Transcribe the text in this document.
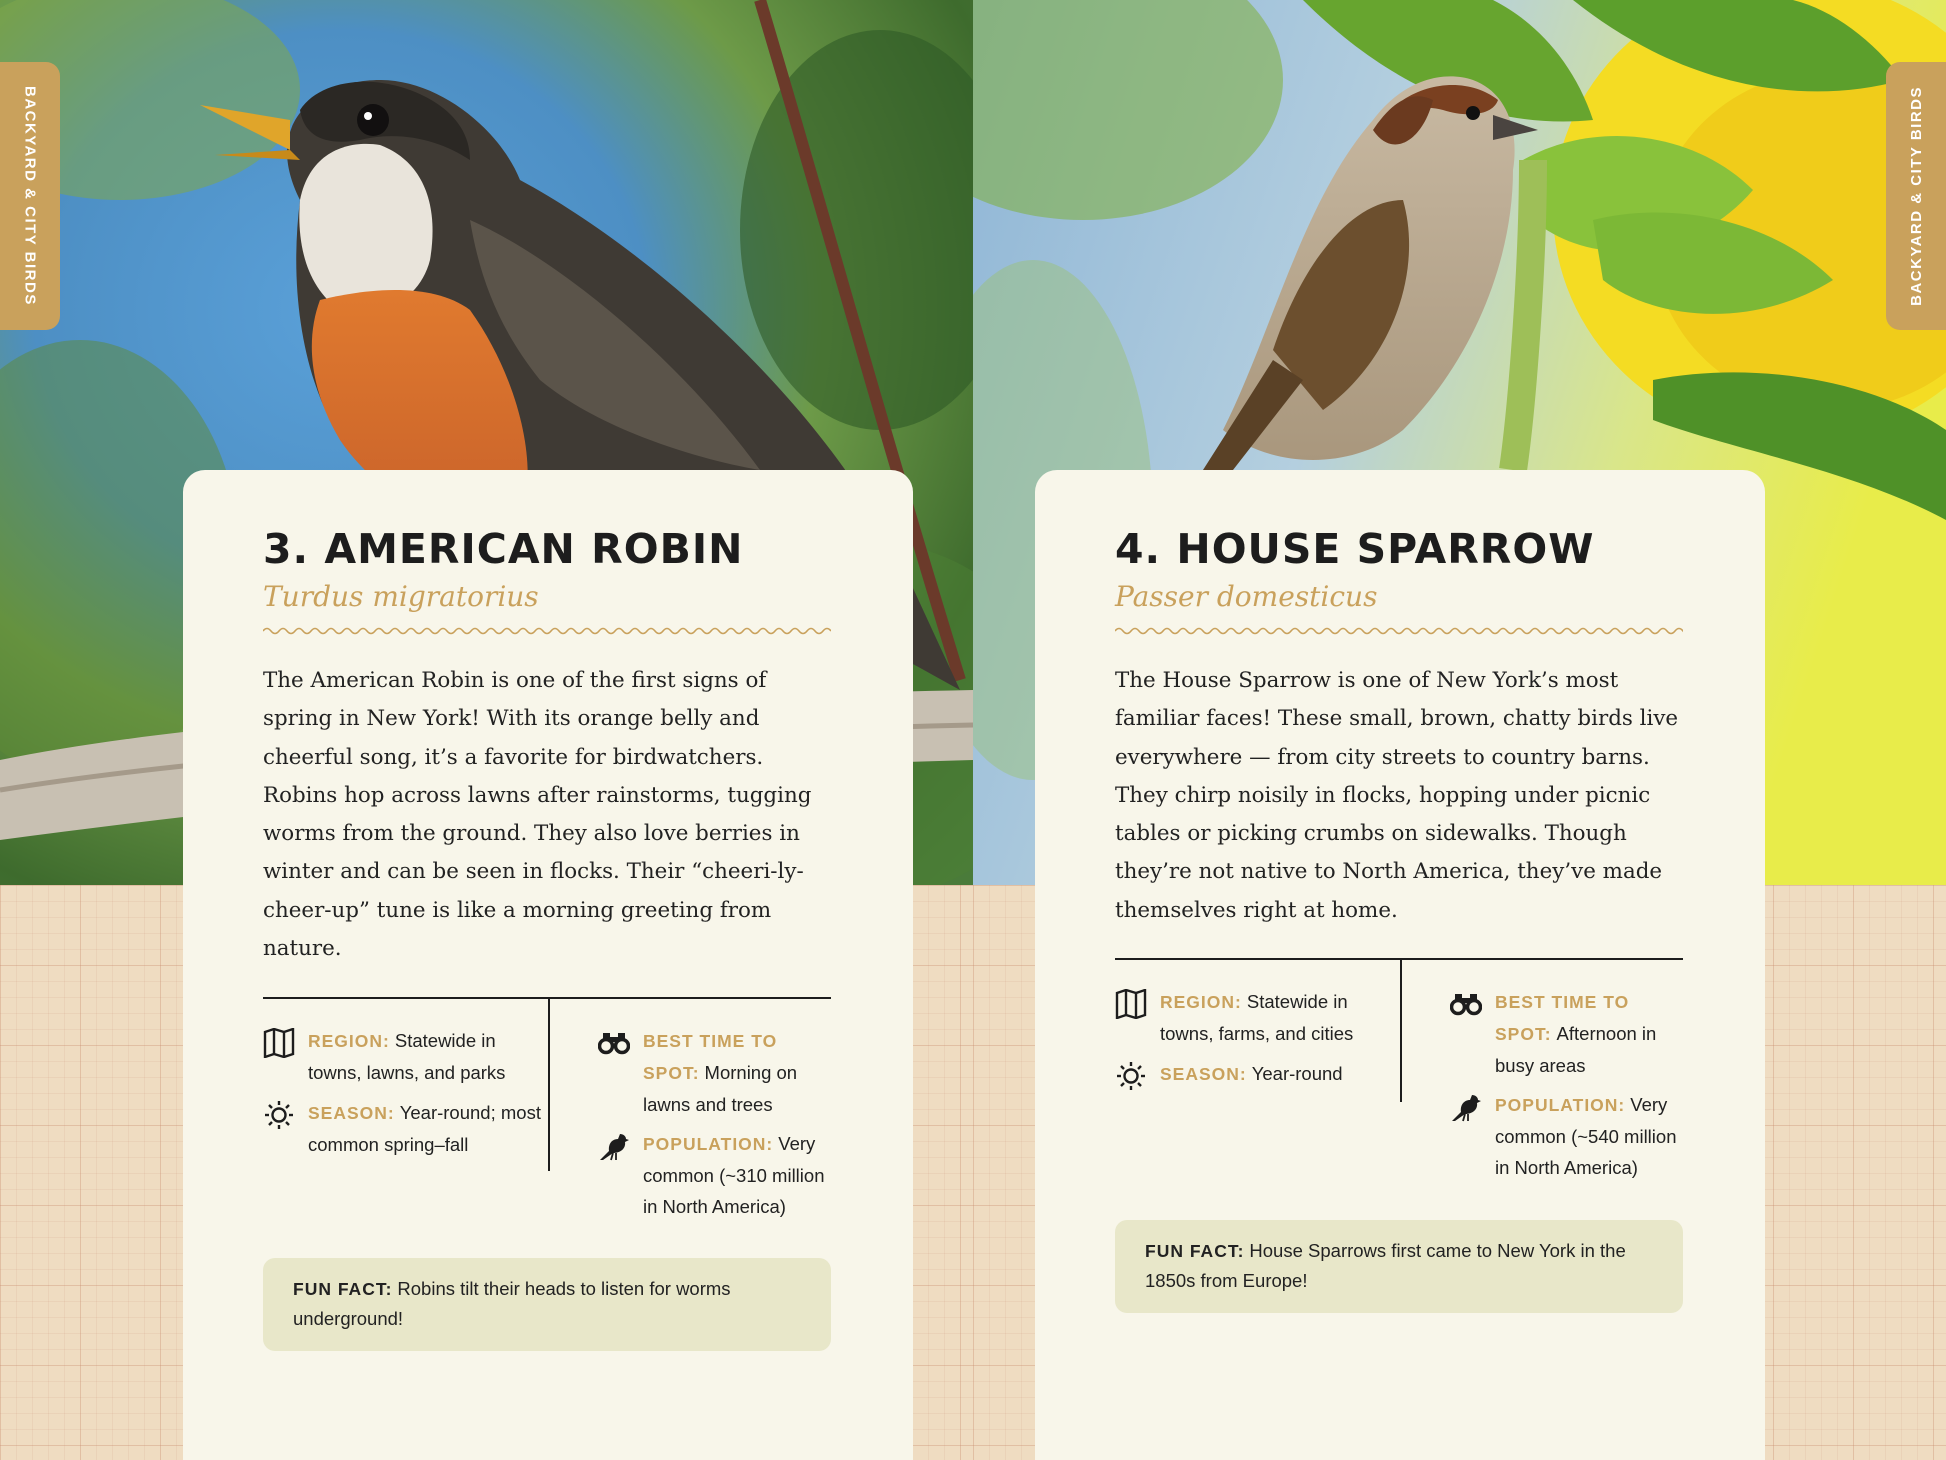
BACKYARD & CITY BIRDS
3. AMERICAN ROBIN
Turdus migratorius

The American Robin is one of the first signs of spring in New York! With its orange belly and cheerful song, it’s a favorite for birdwatchers. Robins hop across lawns after rainstorms, tugging worms from the ground. They also love berries in winter and can be seen in flocks. Their “cheeri-ly-cheer-up” tune is like a morning greeting from nature.

REGION: Statewide in towns, lawns, and parks
SEASON: Year-round; most common spring–fall
BEST TIME TO SPOT: Morning on lawns and trees
POPULATION: Very common (~310 million in North America)
FUN FACT: Robins tilt their heads to listen for worms underground!
BACKYARD & CITY BIRDS
4. HOUSE SPARROW
Passer domesticus

The House Sparrow is one of New York’s most familiar faces! These small, brown, chatty birds live everywhere — from city streets to country barns. They chirp noisily in flocks, hopping under picnic tables or picking crumbs on sidewalks. Though they’re not native to North America, they’ve made themselves right at home.

REGION: Statewide in towns, farms, and cities
SEASON: Year-round
BEST TIME TO SPOT: Afternoon in busy areas
POPULATION: Very common (~540 million in North America)
FUN FACT: House Sparrows first came to New York in the 1850s from Europe!
